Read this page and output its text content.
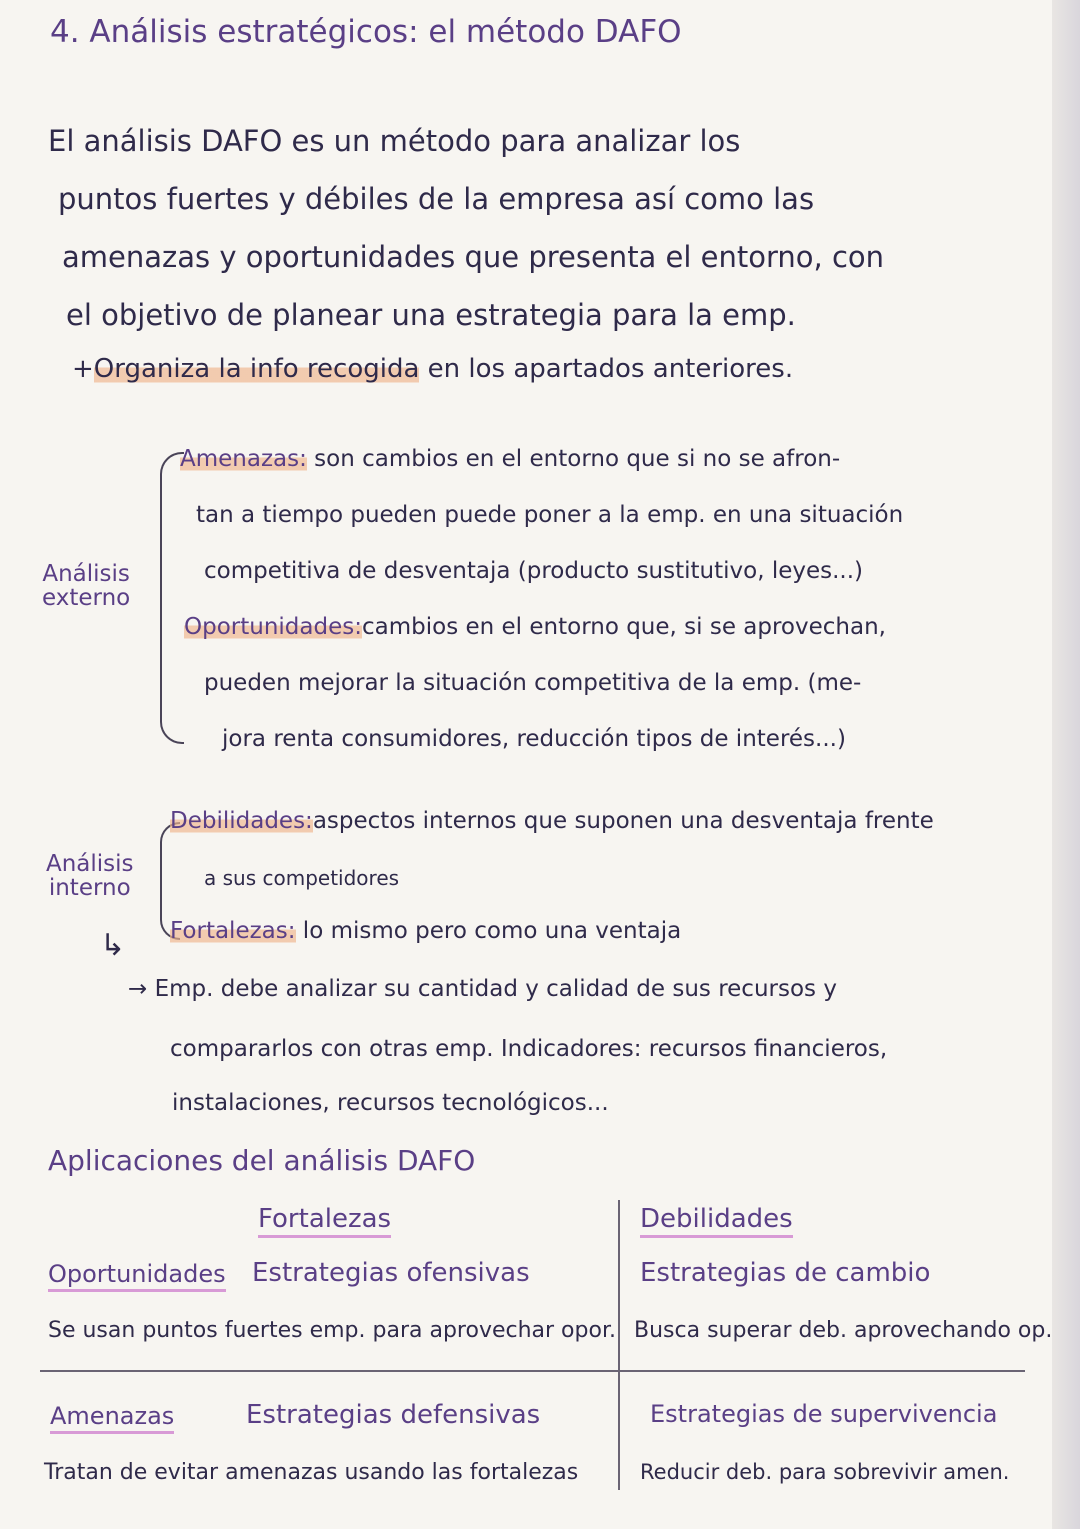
4. Análisis estratégicos: el método DAFO
El análisis DAFO es un método para analizar los
puntos fuertes y débiles de la empresa así como las
amenazas y oportunidades que presenta el entorno, con
el objetivo de planear una estrategia para la emp.
+Organiza la info recogida en los apartados anteriores.
Análisis
externo
Amenazas: son cambios en el entorno que si no se afron-
tan a tiempo pueden puede poner a la emp. en una situación
competitiva de desventaja (producto sustitutivo, leyes...)
Oportunidades:cambios en el entorno que, si se aprovechan,
pueden mejorar la situación competitiva de la emp. (me-
jora renta consumidores, reducción tipos de interés...)
Análisis
interno
Debilidades:aspectos internos que suponen una desventaja frente
a sus competidores
Fortalezas: lo mismo pero como una ventaja
↳
→ Emp. debe analizar su cantidad y calidad de sus recursos y
compararlos con otras emp. Indicadores: recursos financieros,
instalaciones, recursos tecnológicos...
Aplicaciones del análisis DAFO
Fortalezas	Debilidades
Oportunidades Estrategias ofensivas
Se usan puntos fuertes emp. para aprovechar opor.
Estrategias de cambio
Busca superar deb. aprovechando op.
Amenazas	Estrategias defensivas
Tratan de evitar amenazas usando las fortalezas
Estrategias de supervivencia
Reducir deb. para sobrevivir amen.
